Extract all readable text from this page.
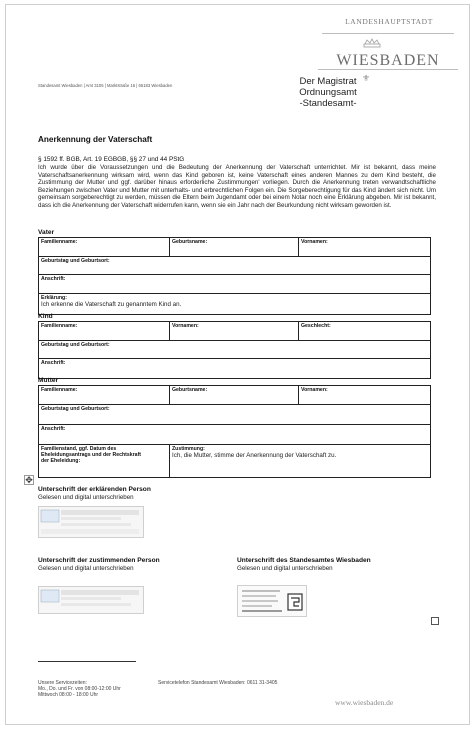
LANDESHAUPTSTADT
WIESBADEN
Der Magistrat
Ordnungsamt
-Standesamt-
⚜
Standesamt Wiesbaden | Amt 3105 | Marktstraße 16 | 65183 Wiesbaden
Anerkennung der Vaterschaft
§ 1592 ff. BGB, Art. 19 EGBGB, §§ 27 und 44 PStG
Ich wurde über die Voraussetzungen und die Bedeutung der Anerkennung der Vaterschaft unterrichtet. Mir ist bekannt, dass meine Vaterschaftsanerkennung wirksam wird, wenn das Kind geboren ist, keine Vaterschaft eines anderen Mannes zu dem Kind besteht, die Zustimmung der Mutter und ggf. darüber hinaus erforderliche Zustimmungen' vorliegen. Durch die Anerkennung treten verwandtschaftliche Beziehungen zwischen Vater und Mutter mit unterhalts- und erbrechtlichen Folgen ein. Die Sorgeberechtigung für das Kind ändert sich nicht. Um gemeinsam sorgeberechtigt zu werden, müssen die Eltern beim Jugendamt oder bei einem Notar noch eine Erklärung abgeben. Mir ist bekannt, dass ich die Anerkennung der Vaterschaft widerrufen kann, wenn sie ein Jahr nach der Beurkundung nicht wirksam geworden ist.
Vater
Familienname:	Geburtsname:	Vornamen:
Geburtstag und Geburtsort:
Anschrift:
Erklärung:
Ich erkenne die Vaterschaft zu genanntem Kind an.
Kind
Familienname:	Vornamen:	Geschlecht:
Geburtstag und Geburtsort:
Anschrift:
Mutter
Familienname:	Geburtsname:	Vornamen:
Geburtstag und Geburtsort:
Anschrift:
Familienstand, ggf. Datum des
Eheleidungsantrags und der Rechtskraft
der Eheleidung:
Zustimmung:
Ich, die Mutter, stimme der Anerkennung der Vaterschaft zu.
✥
Unterschrift der erklärenden Person
Gelesen und digital unterschrieben
Unterschrift der zustimmenden Person
Gelesen und digital unterschrieben
Unterschrift des Standesamtes Wiesbaden
Gelesen und digital unterschrieben
Unsere Servicezeiten:
Mo., Do. und Fr. von 08:00-12:00 Uhr
Mittwoch 08:00 - 18:00 Uhr
Servicetelefon Standesamt Wiesbaden: 0611 31-3405
www.wiesbaden.de
